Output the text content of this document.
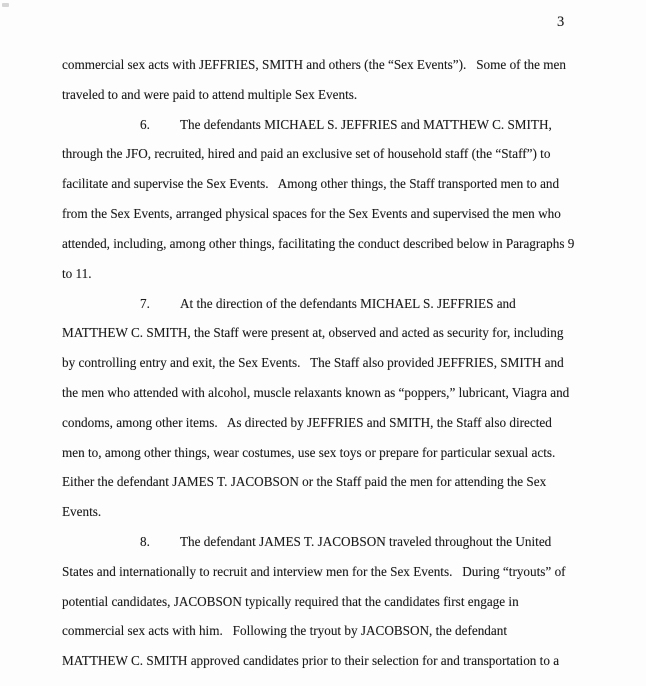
3
commercial sex acts with JEFFRIES, SMITH and others (the “Sex Events”).   Some of the men
traveled to and were paid to attend multiple Sex Events.
6. The defendants MICHAEL S. JEFFRIES and MATTHEW C. SMITH,
through the JFO, recruited, hired and paid an exclusive set of household staff (the “Staff”) to
facilitate and supervise the Sex Events.   Among other things, the Staff transported men to and
from the Sex Events, arranged physical spaces for the Sex Events and supervised the men who
attended, including, among other things, facilitating the conduct described below in Paragraphs 9
to 11.
7. At the direction of the defendants MICHAEL S. JEFFRIES and
MATTHEW C. SMITH, the Staff were present at, observed and acted as security for, including
by controlling entry and exit, the Sex Events.   The Staff also provided JEFFRIES, SMITH and
the men who attended with alcohol, muscle relaxants known as “poppers,” lubricant, Viagra and
condoms, among other items.   As directed by JEFFRIES and SMITH, the Staff also directed
men to, among other things, wear costumes, use sex toys or prepare for particular sexual acts.
Either the defendant JAMES T. JACOBSON or the Staff paid the men for attending the Sex
Events.
8. The defendant JAMES T. JACOBSON traveled throughout the United
States and internationally to recruit and interview men for the Sex Events.   During “tryouts” of
potential candidates, JACOBSON typically required that the candidates first engage in
commercial sex acts with him.   Following the tryout by JACOBSON, the defendant
MATTHEW C. SMITH approved candidates prior to their selection for and transportation to a
